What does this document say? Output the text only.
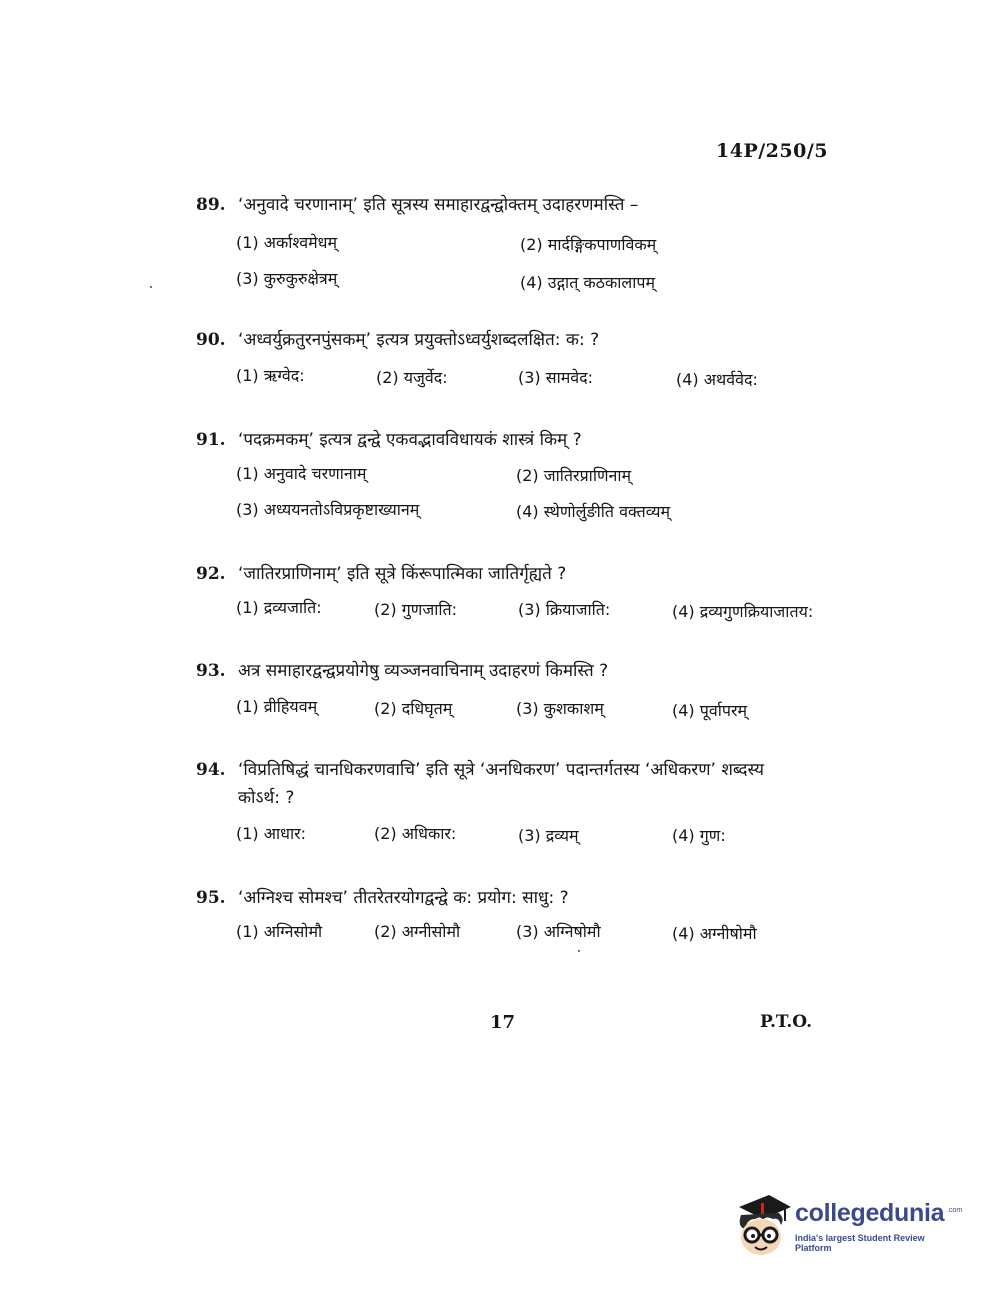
14P/250/5
89. ‘अनुवादे चरणानाम्’ इति सूत्रस्य समाहारद्वन्द्वोक्तम् उदाहरणमस्ति –
(1) अर्काश्वमेधम्	(2) मार्दङ्गिकपाणविकम्
(3) कुरुकुरुक्षेत्रम्	(4) उद्गात् कठकालापम्
90. ‘अध्वर्युक्रतुरनपुंसकम्’ इत्यत्र प्रयुक्तोऽध्वर्युशब्दलक्षित: क: ?
(1) ऋग्वेद:	(2) यजुर्वेद:	(3) सामवेद:	(4) अथर्ववेद:
91. ‘पदक्रमकम्’ इत्यत्र द्वन्द्वे एकवद्भावविधायकं शास्त्रं किम् ?
(1) अनुवादे चरणानाम्	(2) जातिरप्राणिनाम्
(3) अध्ययनतोऽविप्रकृष्टाख्यानम्	(4) स्थेणोर्लुङीति वक्तव्यम्
92. ‘जातिरप्राणिनाम्’ इति सूत्रे किंरूपात्मिका जातिर्गृह्यते ?
(1) द्रव्यजाति:	(2) गुणजाति:	(3) क्रियाजाति:	(4) द्रव्यगुणक्रियाजातय:
93. अत्र समाहारद्वन्द्वप्रयोगेषु व्यञ्जनवाचिनाम् उदाहरणं किमस्ति ?
(1) व्रीहियवम्	(2) दधिघृतम्	(3) कुशकाशम्	(4) पूर्वापरम्
94. ‘विप्रतिषिद्धं चानधिकरणवाचि’ इति सूत्रे ‘अनधिकरण’ पदान्तर्गतस्य ‘अधिकरण’ शब्दस्य
कोऽर्थ: ?
(1) आधार:	(2) अधिकार:	(3) द्रव्यम्	(4) गुण:
95. ‘अग्निश्च सोमश्च’ तीतरेतरयोगद्वन्द्वे क: प्रयोग: साधु: ?
(1) अग्निसोमौ	(2) अग्नीसोमौ	(3) अग्निषोमौ	(4) अग्नीषोमौ
17	P.T.O.
collegedunia .com
India's largest Student Review Platform
